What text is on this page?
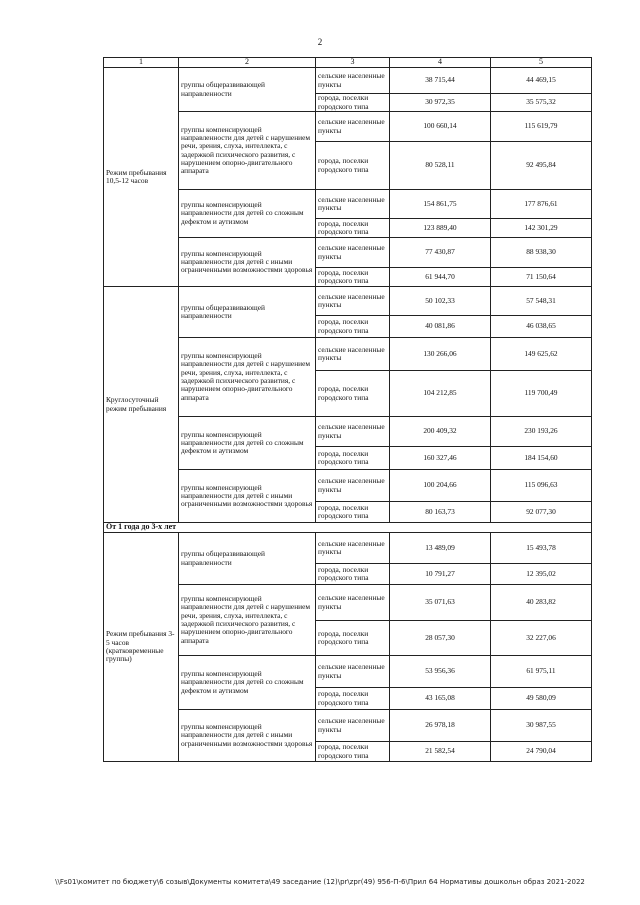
2
1	2	3	4	5
Режим пребывания 10,5-12 часов	группы общеразвивающей направленности	сельские населенные пункты	38 715,44	44 469,15
		города, поселки городского типа	30 972,35	35 575,32
	группы компенсирующей направленности для детей с нарушением речи, зрения, слуха, интеллекта, с задержкой психического развития, с нарушением опорно-двигательного аппарата	сельские населенные пункты	100 660,14	115 619,79
		города, поселки городского типа	80 528,11	92 495,84
	группы компенсирующей направленности для детей со сложным дефектом и аутизмом	сельские населенные пункты	154 861,75	177 876,61
		города, поселки городского типа	123 889,40	142 301,29
	группы компенсирующей направленности для детей с иными ограниченными возможностями здоровья	сельские населенные пункты	77 430,87	88 938,30
		города, поселки городского типа	61 944,70	71 150,64
Круглосуточный режим пребывания	группы общеразвивающей направленности	сельские населенные пункты	50 102,33	57 548,31
		города, поселки городского типа	40 081,86	46 038,65
	группы компенсирующей направленности для детей с нарушением речи, зрения, слуха, интеллекта, с задержкой психического развития, с нарушением опорно-двигательного аппарата	сельские населенные пункты	130 266,06	149 625,62
		города, поселки городского типа	104 212,85	119 700,49
	группы компенсирующей направленности для детей со сложным дефектом и аутизмом	сельские населенные пункты	200 409,32	230 193,26
		города, поселки городского типа	160 327,46	184 154,60
	группы компенсирующей направленности для детей с иными ограниченными возможностями здоровья	сельские населенные пункты	100 204,66	115 096,63
		города, поселки городского типа	80 163,73	92 077,30
От 1 года до 3-х лет				
Режим пребывания 3-5 часов (кратковременные группы)	группы общеразвивающей направленности	сельские населенные пункты	13 489,09	15 493,78
		города, поселки городского типа	10 791,27	12 395,02
	группы компенсирующей направленности для детей с нарушением речи, зрения, слуха, интеллекта, с задержкой психического развития, с нарушением опорно-двигательного аппарата	сельские населенные пункты	35 071,63	40 283,82
		города, поселки городского типа	28 057,30	32 227,06
	группы компенсирующей направленности для детей со сложным дефектом и аутизмом	сельские населенные пункты	53 956,36	61 975,11
		города, поселки городского типа	43 165,08	49 580,09
	группы компенсирующей направленности для детей с иными ограниченными возможностями здоровья	сельские населенные пункты	26 978,18	30 987,55
		города, поселки городского типа	21 582,54	24 790,04
\\Fs01\комитет по бюджету\6 созыв\Документы комитета\49 заседание (12)\pr\zpr(49) 956-П-6\Прил 64 Нормативы дошкольн образ 2021-2022
